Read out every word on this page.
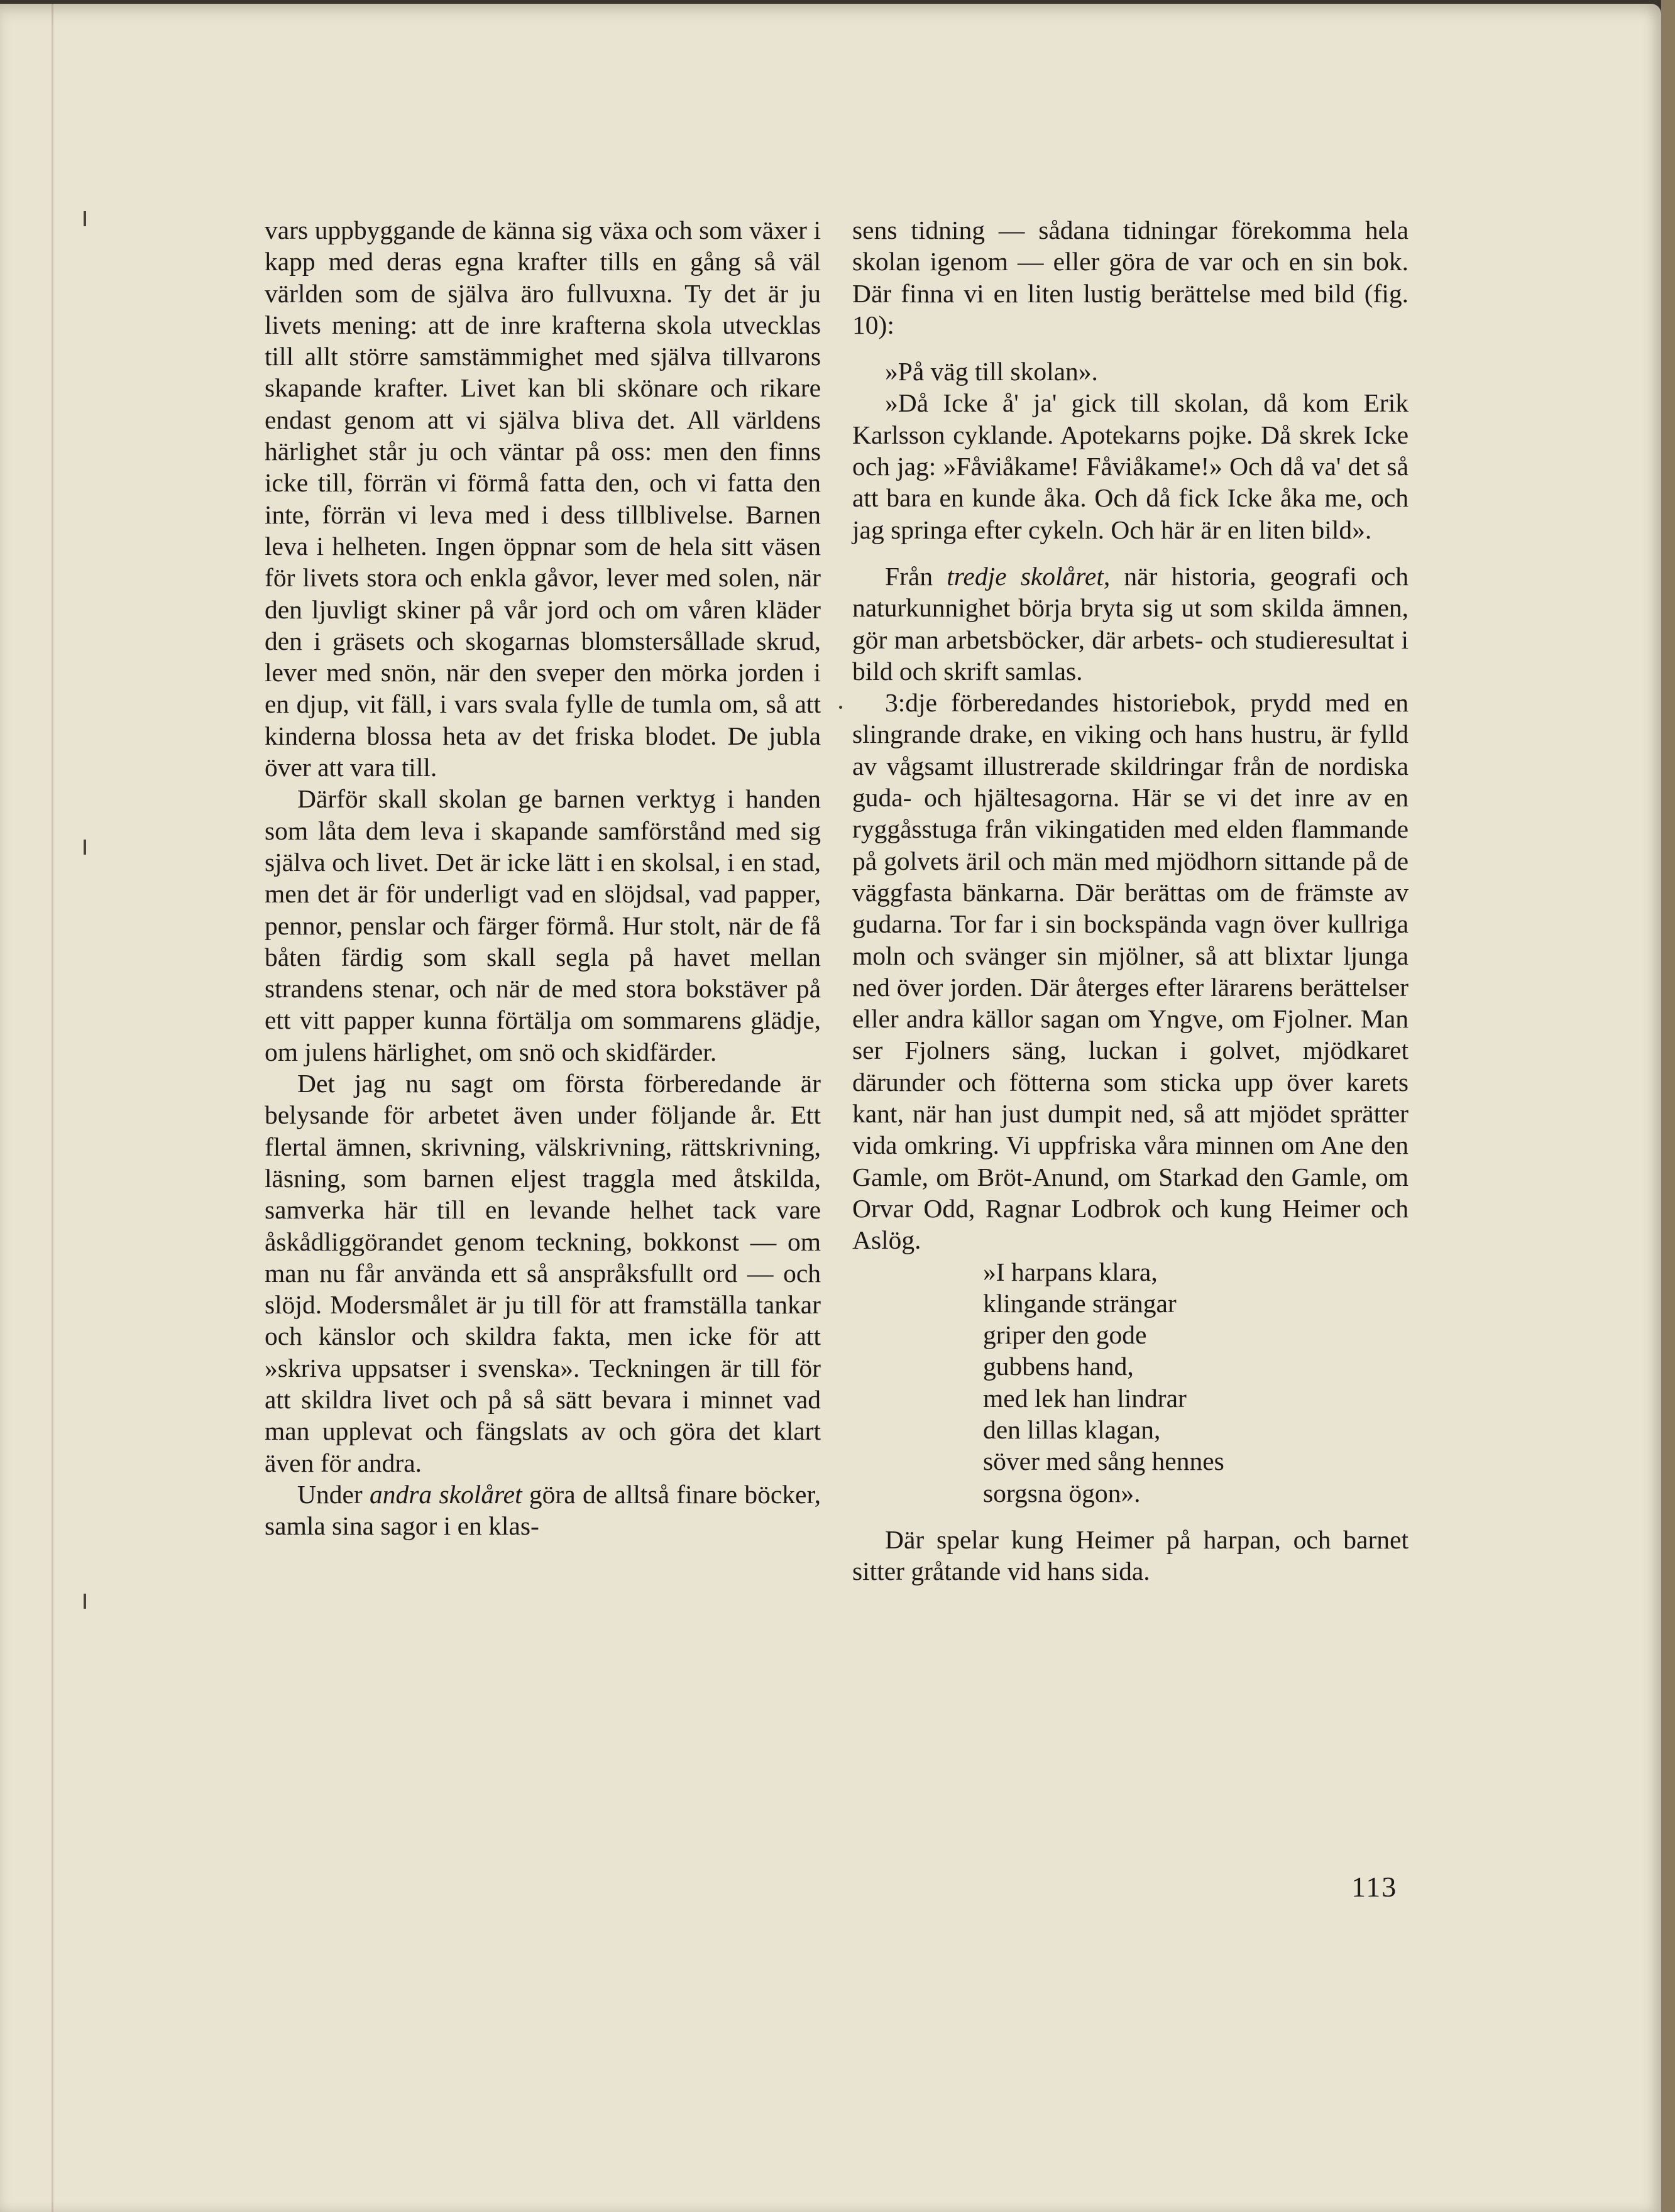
vars uppbyggande de känna sig växa och som växer i kapp med deras egna krafter tills en gång så väl världen som de själva äro fullvuxna. Ty det är ju livets mening: att de inre krafterna skola utvecklas till allt större samstämmighet med själva tillvarons skapande krafter. Livet kan bli skönare och rikare endast genom att vi själva bliva det. All världens härlighet står ju och väntar på oss: men den finns icke till, förrän vi förmå fatta den, och vi fatta den inte, förrän vi leva med i dess tillblivelse. Barnen leva i helheten. Ingen öppnar som de hela sitt väsen för livets stora och enkla gåvor, lever med solen, när den ljuvligt skiner på vår jord och om våren kläder den i gräsets och skogarnas blomstersållade skrud, lever med snön, när den sveper den mörka jorden i en djup, vit fäll, i vars svala fylle de tumla om, så att kinderna blossa heta av det friska blodet. De jubla över att vara till.

Därför skall skolan ge barnen verktyg i handen som låta dem leva i skapande samförstånd med sig själva och livet. Det är icke lätt i en skolsal, i en stad, men det är för underligt vad en slöjdsal, vad papper, pennor, penslar och färger förmå. Hur stolt, när de få båten färdig som skall segla på havet mellan strandens stenar, och när de med stora bokstäver på ett vitt papper kunna förtälja om sommarens glädje, om julens härlighet, om snö och skidfärder.

Det jag nu sagt om första förberedande är belysande för arbetet även under följande år. Ett flertal ämnen, skrivning, välskrivning, rättskrivning, läsning, som barnen eljest traggla med åtskilda, samverka här till en levande helhet tack vare åskådliggörandet genom teckning, bokkonst — om man nu får använda ett så anspråksfullt ord — och slöjd. Modersmålet är ju till för att framställa tankar och känslor och skildra fakta, men icke för att »skriva uppsatser i svenska». Teckningen är till för att skildra livet och på så sätt bevara i minnet vad man upplevat och fängslats av och göra det klart även för andra.

Under andra skolåret göra de alltså finare böcker, samla sina sagor i en klas-

sens tidning — sådana tidningar förekomma hela skolan igenom — eller göra de var och en sin bok. Där finna vi en liten lustig berättelse med bild (fig. 10):

»På väg till skolan».

»Då Icke å' ja' gick till skolan, då kom Erik Karlsson cyklande. Apotekarns pojke. Då skrek Icke och jag: »Fåviåkame! Fåviåkame!» Och då va' det så att bara en kunde åka. Och då fick Icke åka me, och jag springa efter cykeln. Och här är en liten bild».

Från tredje skolåret, när historia, geografi och naturkunnighet börja bryta sig ut som skilda ämnen, gör man arbetsböcker, där arbets- och studieresultat i bild och skrift samlas.

3:dje förberedandes historiebok, prydd med en slingrande drake, en viking och hans hustru, är fylld av vågsamt illustrerade skildringar från de nordiska guda- och hjältesagorna. Här se vi det inre av en ryggåsstuga från vikingatiden med elden flammande på golvets äril och män med mjödhorn sittande på de väggfasta bänkarna. Där berättas om de främste av gudarna. Tor far i sin bockspända vagn över kullriga moln och svänger sin mjölner, så att blixtar ljunga ned över jorden. Där återges efter lärarens berättelser eller andra källor sagan om Yngve, om Fjolner. Man ser Fjolners säng, luckan i golvet, mjödkaret därunder och fötterna som sticka upp över karets kant, när han just dumpit ned, så att mjödet sprätter vida omkring. Vi uppfriska våra minnen om Ane den Gamle, om Bröt-Anund, om Starkad den Gamle, om Orvar Odd, Ragnar Lodbrok och kung Heimer och Aslög.

»I harpans klara,
klingande strängar
griper den gode
gubbens hand,
med lek han lindrar
den lillas klagan,
söver med sång hennes
sorgsna ögon».

Där spelar kung Heimer på harpan, och barnet sitter gråtande vid hans sida.

113
